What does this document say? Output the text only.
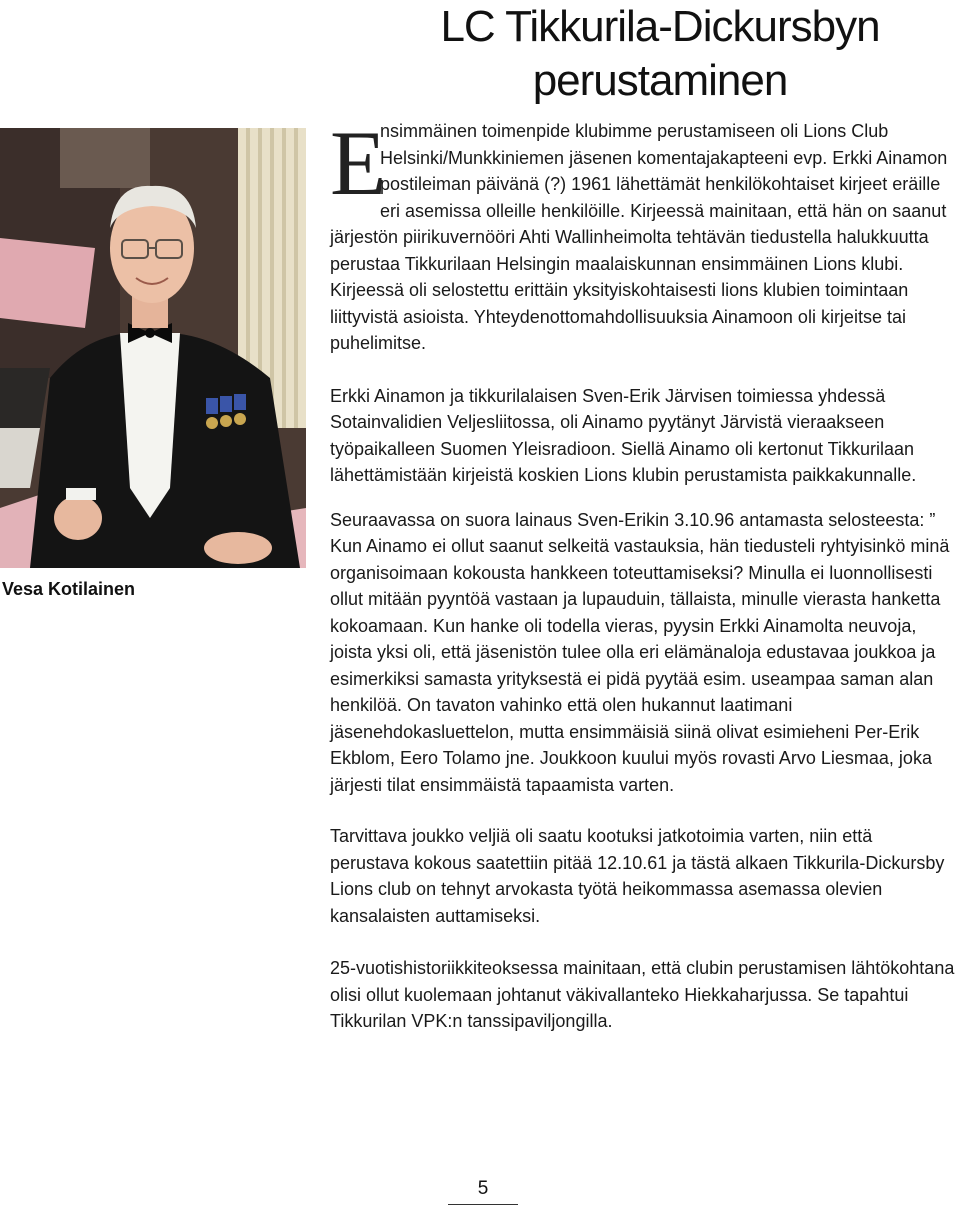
LC Tikkurila-Dickursbyn
perustaminen
Vesa Kotilainen

E
nsimmäinen toimenpide klubimme perustamiseen oli Lions Club Helsinki/Munkkiniemen jäsenen komentajakapteeni evp. Erkki Ainamon postileiman päivänä (?) 1961 lähettämät henkilökohtaiset kirjeet eräille eri asemissa olleille henkilöille. Kirjeessä mainitaan, että hän on saanut järjestön piirikuvernööri Ahti Wallinheimolta tehtävän tiedustella halukkuutta perustaa Tikkurilaan Helsingin maalaiskunnan ensimmäinen Lions klubi. Kirjeessä oli selostettu erittäin yksityiskohtaisesti lions klubien toimintaan liittyvistä asioista. Yhteydenottomahdollisuuksia Ainamoon oli kirjeitse tai puhelimitse.

Erkki Ainamon ja tikkurilalaisen Sven-Erik Järvisen toimiessa yhdessä Sotainvalidien Veljesliitossa, oli Ainamo pyytänyt Järvistä vieraakseen työpaikalleen Suomen Yleisradioon. Siellä Ainamo oli kertonut Tikkurilaan lähettämistään kirjeistä koskien Lions klubin perustamista paikkakunnalle.

Seuraavassa on suora lainaus Sven-Erikin 3.10.96 antamasta selosteesta: ” Kun Ainamo ei ollut saanut selkeitä vastauksia, hän tiedusteli ryhtyisinkö minä organisoimaan kokousta hankkeen toteuttamiseksi? Minulla ei luonnollisesti ollut mitään pyyntöä vastaan ja lupauduin, tällaista, minulle vierasta hanketta kokoamaan. Kun hanke oli todella vieras, pyysin Erkki Ainamolta neuvoja, joista yksi oli, että jäsenistön tulee olla eri elämänaloja edustavaa joukkoa ja esimerkiksi samasta yrityksestä ei pidä pyytää esim. useampaa saman alan henkilöä. On tavaton vahinko että olen hukannut laatimani jäsenehdokasluettelon, mutta ensimmäisiä siinä olivat esimieheni Per-Erik Ekblom, Eero Tolamo jne. Joukkoon kuului myös rovasti Arvo Liesmaa, joka järjesti tilat ensimmäistä tapaamista varten.

Tarvittava joukko veljiä oli saatu kootuksi jatkotoimia varten, niin että perustava kokous saatettiin pitää 12.10.61 ja tästä alkaen Tikkurila-Dickursby Lions club on tehnyt arvokasta työtä heikommassa asemassa olevien kansalaisten auttamiseksi.

25-vuotishistoriikkiteoksessa mainitaan, että clubin perustamisen lähtökohtana olisi ollut kuolemaan johtanut väkivallanteko Hiekkaharjussa. Se tapahtui Tikkurilan VPK:n tanssipaviljongilla.

5
